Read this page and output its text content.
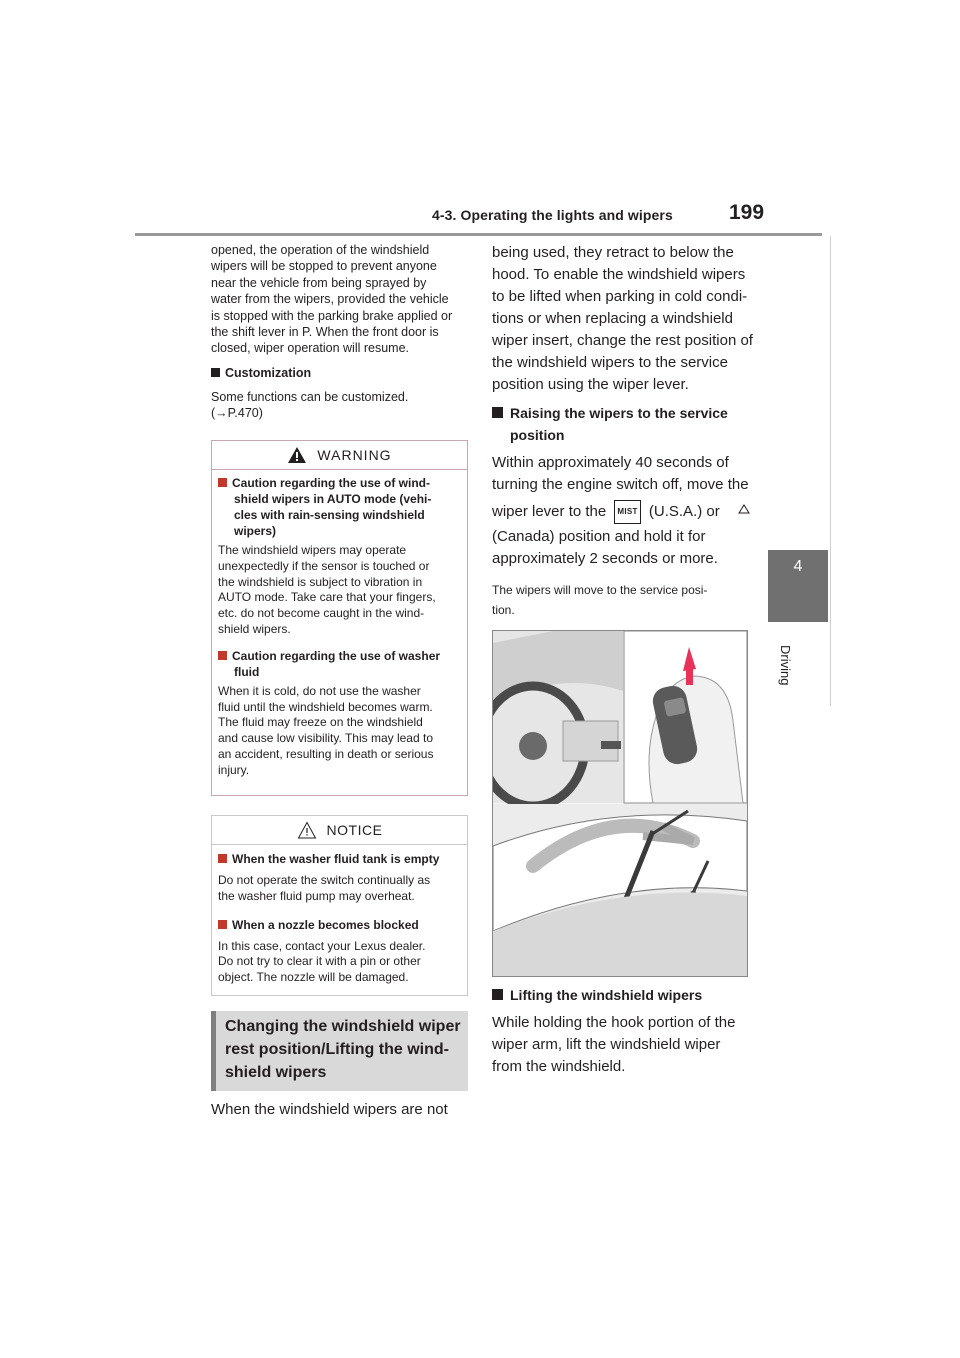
4-3. Operating the lights and wipers	199
4
Driving
opened, the operation of the windshield
wipers will be stopped to prevent anyone
near the vehicle from being sprayed by
water from the wipers, provided the vehicle
is stopped with the parking brake applied or
the shift lever in P. When the front door is
closed, wiper operation will resume.
Customization
Some functions can be customized.
(→P.470)
WARNING
Caution regarding the use of wind-
shield wipers in AUTO mode (vehi-
cles with rain-sensing windshield
wipers)
The windshield wipers may operate
unexpectedly if the sensor is touched or
the windshield is subject to vibration in
AUTO mode. Take care that your fingers,
etc. do not become caught in the wind-
shield wipers.
Caution regarding the use of washer
fluid
When it is cold, do not use the washer
fluid until the windshield becomes warm.
The fluid may freeze on the windshield
and cause low visibility. This may lead to
an accident, resulting in death or serious
injury.
NOTICE
When the washer fluid tank is empty
Do not operate the switch continually as
the washer fluid pump may overheat.
When a nozzle becomes blocked
In this case, contact your Lexus dealer.
Do not try to clear it with a pin or other
object. The nozzle will be damaged.
Changing the windshield wiper
rest position/Lifting the wind-
shield wipers
When the windshield wipers are not
being used, they retract to below the
hood. To enable the windshield wipers
to be lifted when parking in cold condi-
tions or when replacing a windshield
wiper insert, change the rest position of
the windshield wipers to the service
position using the wiper lever.
Raising the wipers to the service
position
Within approximately 40 seconds of
turning the engine switch off, move the
wiper lever to the MIST (U.S.A.) or
(Canada) position and hold it for
approximately 2 seconds or more.
The wipers will move to the service posi-
tion.
Lifting the windshield wipers
While holding the hook portion of the
wiper arm, lift the windshield wiper
from the windshield.
